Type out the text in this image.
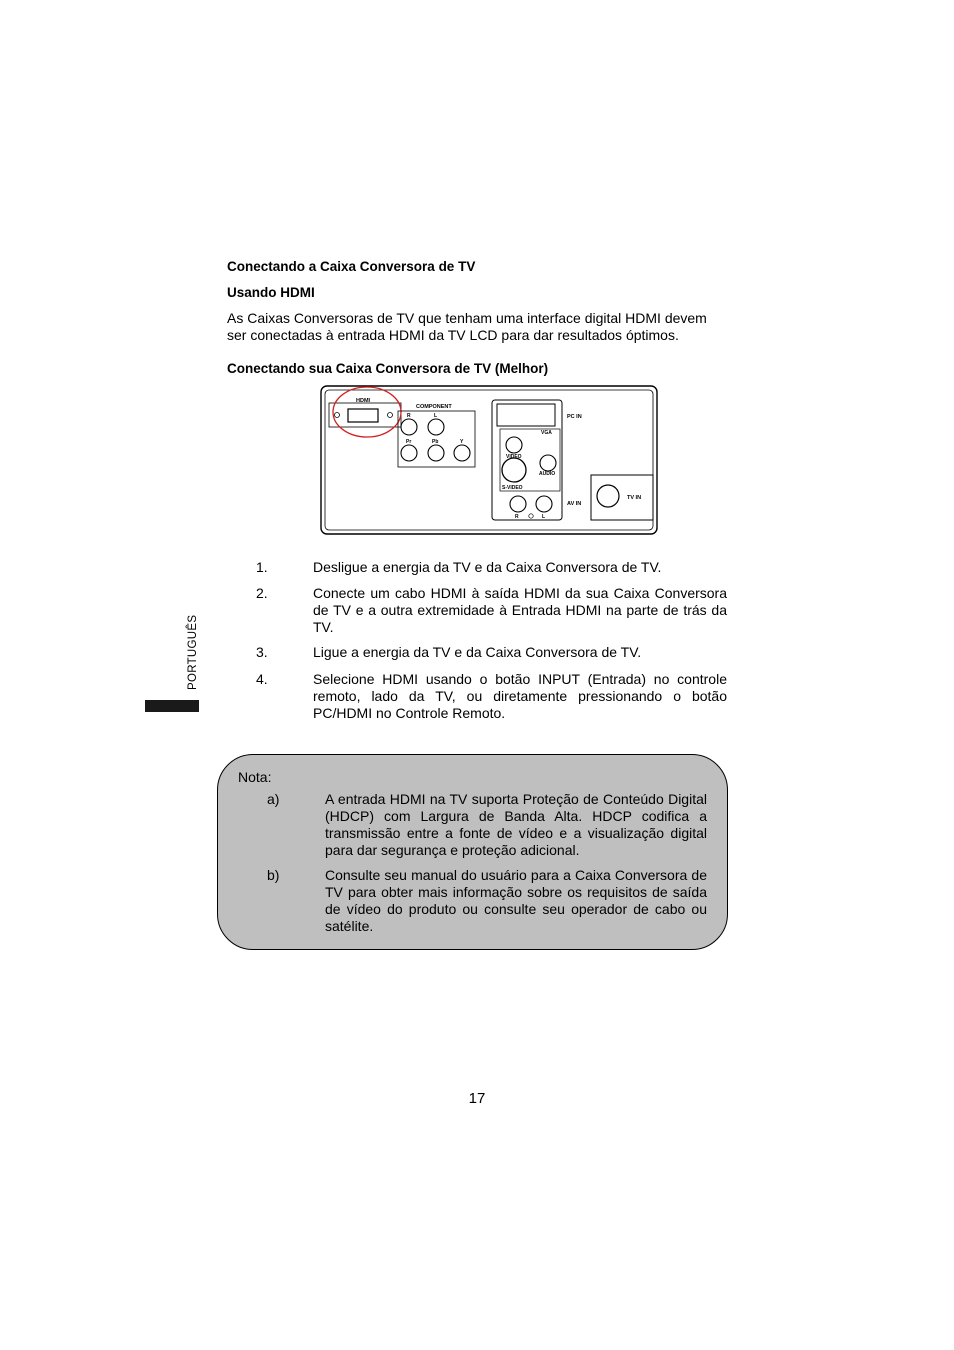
Conectando a Caixa Conversora de TV
Usando HDMI
As Caixas Conversoras de TV que tenham uma interface digital HDMI devem
ser conectadas à entrada HDMI da TV LCD para dar resultados óptimos.
Conectando sua Caixa Conversora de TV (Melhor)
HDMI
COMPONENT
R	L
Pr	Pb	Y
PC IN
VGA
VIDEO
AUDIO
S-VIDEO
R	L
AV IN
TV IN
1.	Desligue a energia da TV e da Caixa Conversora de TV.
2.	Conecte um cabo HDMI à saída HDMI da sua Caixa Conversora de TV e a outra extremidade à Entrada HDMI na parte de trás da TV.
3.	Ligue a energia da TV e da Caixa Conversora de TV.
4.	Selecione HDMI usando o botão INPUT (Entrada) no controle remoto, lado da TV, ou diretamente pressionando o botão PC/HDMI no Controle Remoto.
PORTUGUÊS
Nota:
a)	A entrada HDMI na TV suporta Proteção de Conteúdo Digital (HDCP) com Largura de Banda Alta. HDCP codifica a transmissão entre a fonte de vídeo e a visualização digital para dar segurança e proteção adicional.
b)	Consulte seu manual do usuário para a Caixa Conversora de TV para obter mais informação sobre os requisitos de saída de vídeo do produto ou consulte seu operador de cabo ou satélite.
17
